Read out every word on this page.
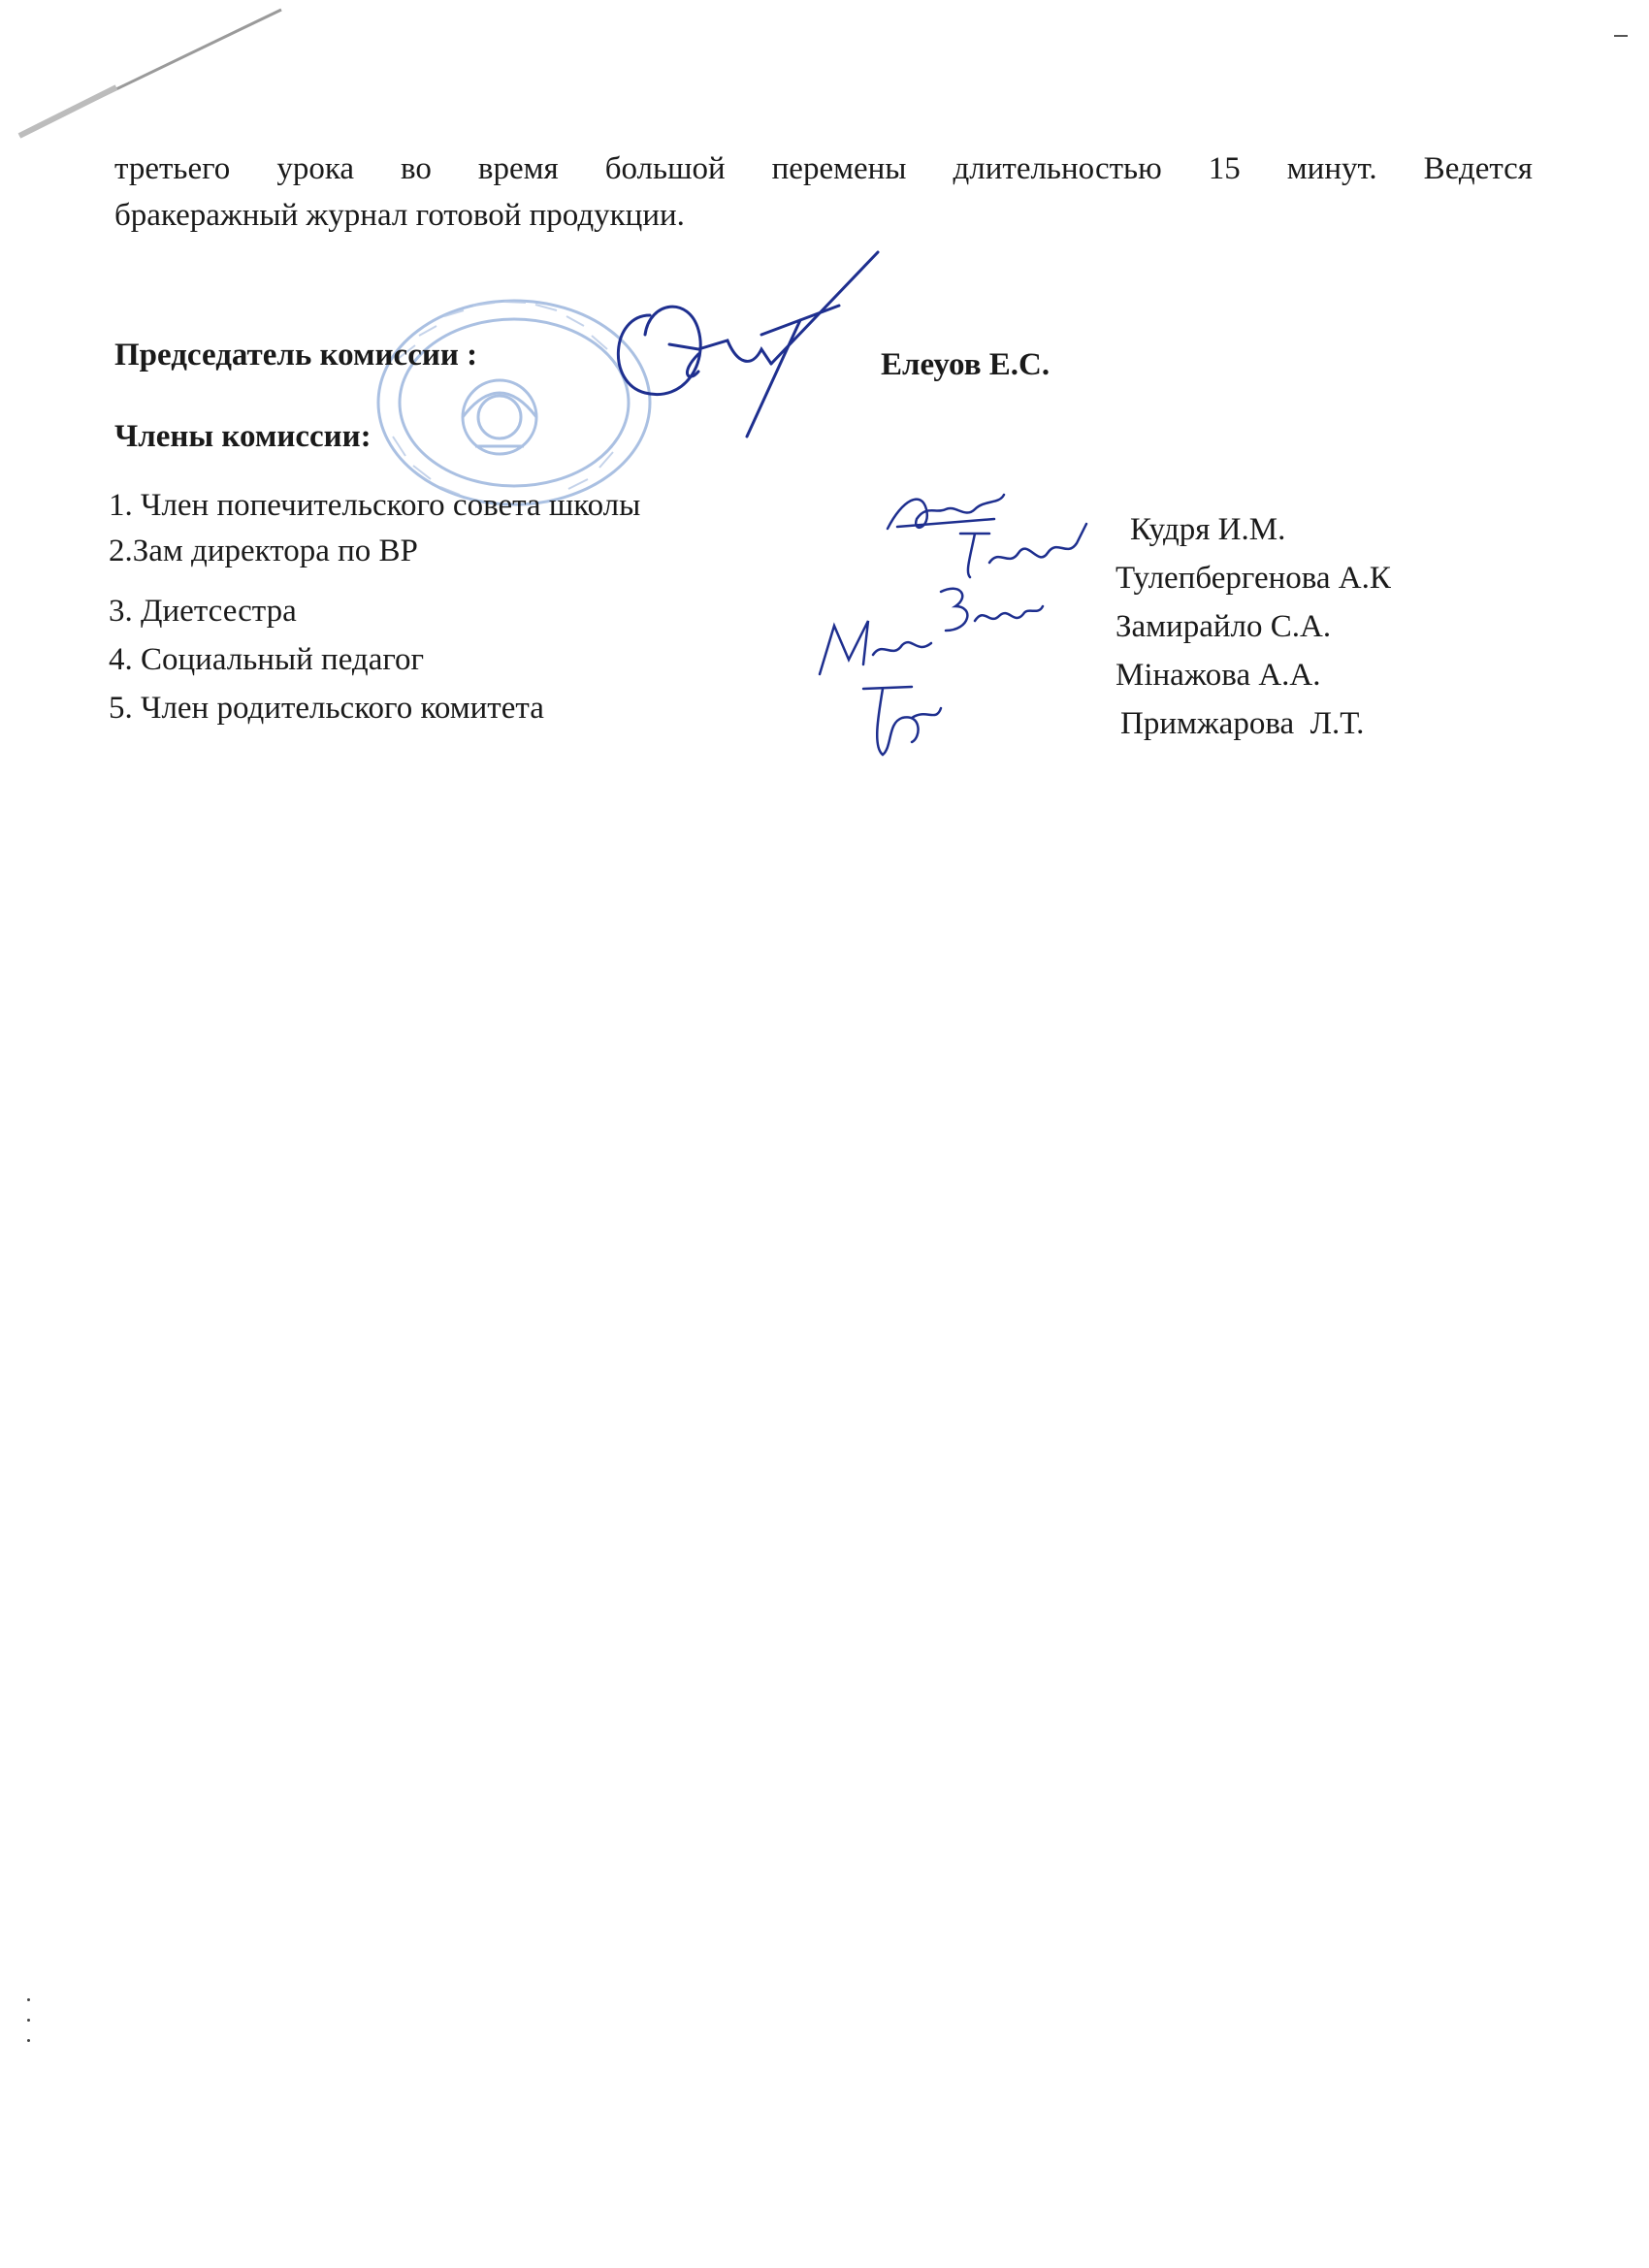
третьего урока во время большой перемены длительностью 15 минут. Ведется

бракеражный журнал готовой продукции.

Председатель комиссии :	Елеуов Е.С.
Члены комиссии:
1. Член попечительского совета школы
2.Зам директора по ВР
3. Диетсестра
4. Социальный педагог
5. Член родительского комитета
Кудря И.М.
Тулепбергенова А.К
Замирайло С.А.
Мінажова А.А.
Примжарова  Л.Т.
